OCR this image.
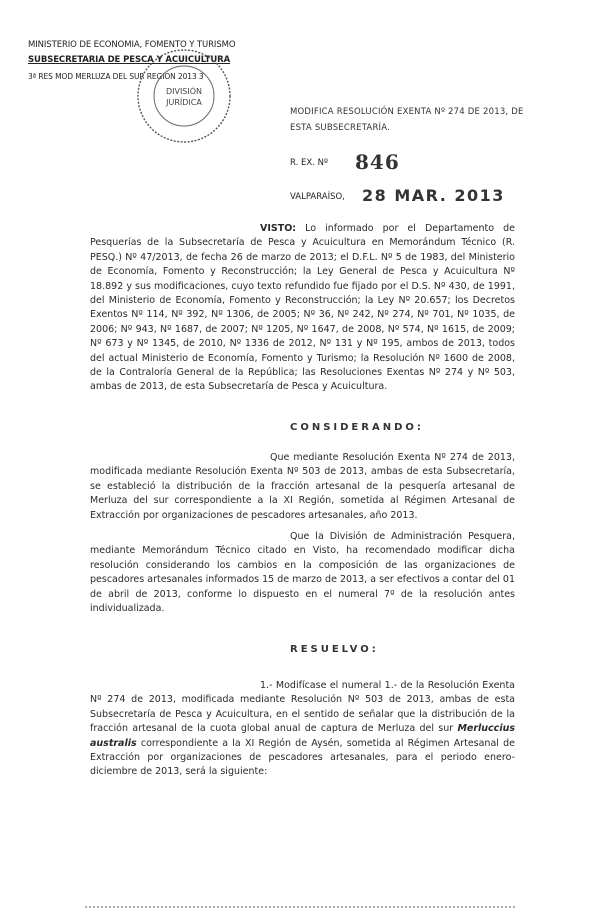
MINISTERIO DE ECONOMIA, FOMENTO Y TURISMO
SUBSECRETARIA DE PESCA Y ACUICULTURA
3ª RES MOD MERLUZA DEL SUR REGION 2013 3
DIVISIÓN
JURÍDICA
MODIFICA RESOLUCIÓN EXENTA Nº 274 DE 2013, DE ESTA SUBSECRETARÍA.
R. EX. Nº 846
VALPARAÍSO, 28 MAR. 2013
VISTO: Lo informado por el Departamento de Pesquerías de la Subsecretaría de Pesca y Acuicultura en Memorándum Técnico (R. PESQ.) Nº 47/2013, de fecha 26 de marzo de 2013; el D.F.L. Nº 5 de 1983, del Ministerio de Economía, Fomento y Reconstrucción; la Ley General de Pesca y Acuicultura Nº 18.892 y sus modificaciones, cuyo texto refundido fue fijado por el D.S. Nº 430, de 1991, del Ministerio de Economía, Fomento y Reconstrucción; la Ley Nº 20.657; los Decretos Exentos Nº 114, Nº 392, Nº 1306, de 2005; Nº 36, Nº 242, Nº 274, Nº 701, Nº 1035, de 2006; Nº 943, Nº 1687, de 2007; Nº 1205, Nº 1647, de 2008, Nº 574, Nº 1615, de 2009; Nº 673 y Nº 1345, de 2010, Nº 1336 de 2012, Nº 131 y Nº 195, ambos de 2013, todos del actual Ministerio de Economía, Fomento y Turismo; la Resolución Nº 1600 de 2008, de la Contraloría General de la República; las Resoluciones Exentas Nº 274 y Nº 503, ambas de 2013, de esta Subsecretaría de Pesca y Acuicultura.
CONSIDERANDO:
Que mediante Resolución Exenta Nº 274 de 2013, modificada mediante Resolución Exenta Nº 503 de 2013, ambas de esta Subsecretaría, se estableció la distribución de la fracción artesanal de la pesquería artesanal de Merluza del sur correspondiente a la XI Región, sometida al Régimen Artesanal de Extracción por organizaciones de pescadores artesanales, año 2013.
Que la División de Administración Pesquera, mediante Memorándum Técnico citado en Visto, ha recomendado modificar dicha resolución considerando los cambios en la composición de las organizaciones de pescadores artesanales informados 15 de marzo de 2013, a ser efectivos a contar del 01 de abril de 2013, conforme lo dispuesto en el numeral 7º de la resolución antes individualizada.
RESUELVO:
1.- Modifícase el numeral 1.- de la Resolución Exenta Nº 274 de 2013, modificada mediante Resolución Nº 503 de 2013, ambas de esta Subsecretaría de Pesca y Acuicultura, en el sentido de señalar que la distribución de la fracción artesanal de la cuota global anual de captura de Merluza del sur Merluccius australis correspondiente a la XI Región de Aysén, sometida al Régimen Artesanal de Extracción por organizaciones de pescadores artesanales, para el periodo enero-diciembre de 2013, será la siguiente:
